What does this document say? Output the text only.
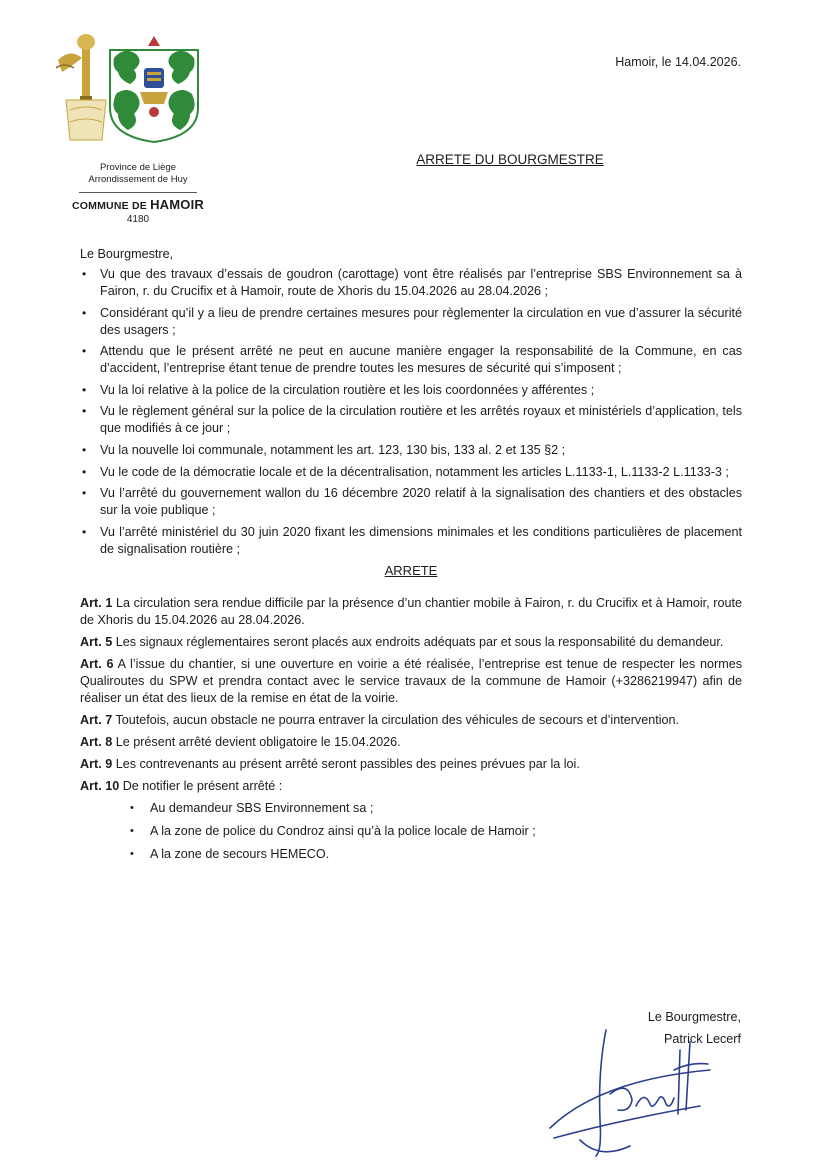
Province de Liège
Arrondissement de Huy
COMMUNE DE HAMOIR
4180
Hamoir, le 14.04.2026.
ARRETE DU BOURGMESTRE

Le Bourgmestre,

• Vu que des travaux d’essais de goudron (carottage) vont être réalisés par l’entreprise SBS Environnement sa à Fairon, r. du Crucifix et à Hamoir, route de Xhoris du 15.04.2026 au 28.04.2026 ;
• Considérant qu’il y a lieu de prendre certaines mesures pour règlementer la circulation en vue d’assurer la sécurité des usagers ;
• Attendu que le présent arrêté ne peut en aucune manière engager la responsabilité de la Commune, en cas d’accident, l’entreprise étant tenue de prendre toutes les mesures de sécurité qui s’imposent ;
• Vu la loi relative à la police de la circulation routière et les lois coordonnées y afférentes ;
• Vu le règlement général sur la police de la circulation routière et les arrêtés royaux et ministériels d’application, tels que modifiés à ce jour ;
• Vu la nouvelle loi communale, notamment les art. 123, 130 bis, 133 al. 2 et 135 §2 ;
• Vu le code de la démocratie locale et de la décentralisation, notamment les articles L.1133-1, L.1133-2 L.1133-3 ;
• Vu l’arrêté du gouvernement wallon du 16 décembre 2020 relatif à la signalisation des chantiers et des obstacles sur la voie publique ;
• Vu l’arrêté ministériel du 30 juin 2020 fixant les dimensions minimales et les conditions particulières de placement de signalisation routière ;

ARRETE

Art. 1 La circulation sera rendue difficile par la présence d’un chantier mobile à Fairon, r. du Crucifix et à Hamoir, route de Xhoris du 15.04.2026 au 28.04.2026.

Art. 5 Les signaux réglementaires seront placés aux endroits adéquats par et sous la responsabilité du demandeur.

Art. 6 A l’issue du chantier, si une ouverture en voirie a été réalisée, l’entreprise est tenue de respecter les normes Qualiroutes du SPW et prendra contact avec le service travaux de la commune de Hamoir (+3286219947) afin de réaliser un état des lieux de la remise en état de la voirie.

Art. 7 Toutefois, aucun obstacle ne pourra entraver la circulation des véhicules de secours et d’intervention.

Art. 8 Le présent arrêté devient obligatoire le 15.04.2026.

Art. 9 Les contrevenants au présent arrêté seront passibles des peines prévues par la loi.

Art. 10 De notifier le présent arrêté :

• Au demandeur SBS Environnement sa ;
• A la zone de police du Condroz ainsi qu’à la police locale de Hamoir ;
• A la zone de secours HEMECO.
Le Bourgmestre,
Patrick Lecerf
